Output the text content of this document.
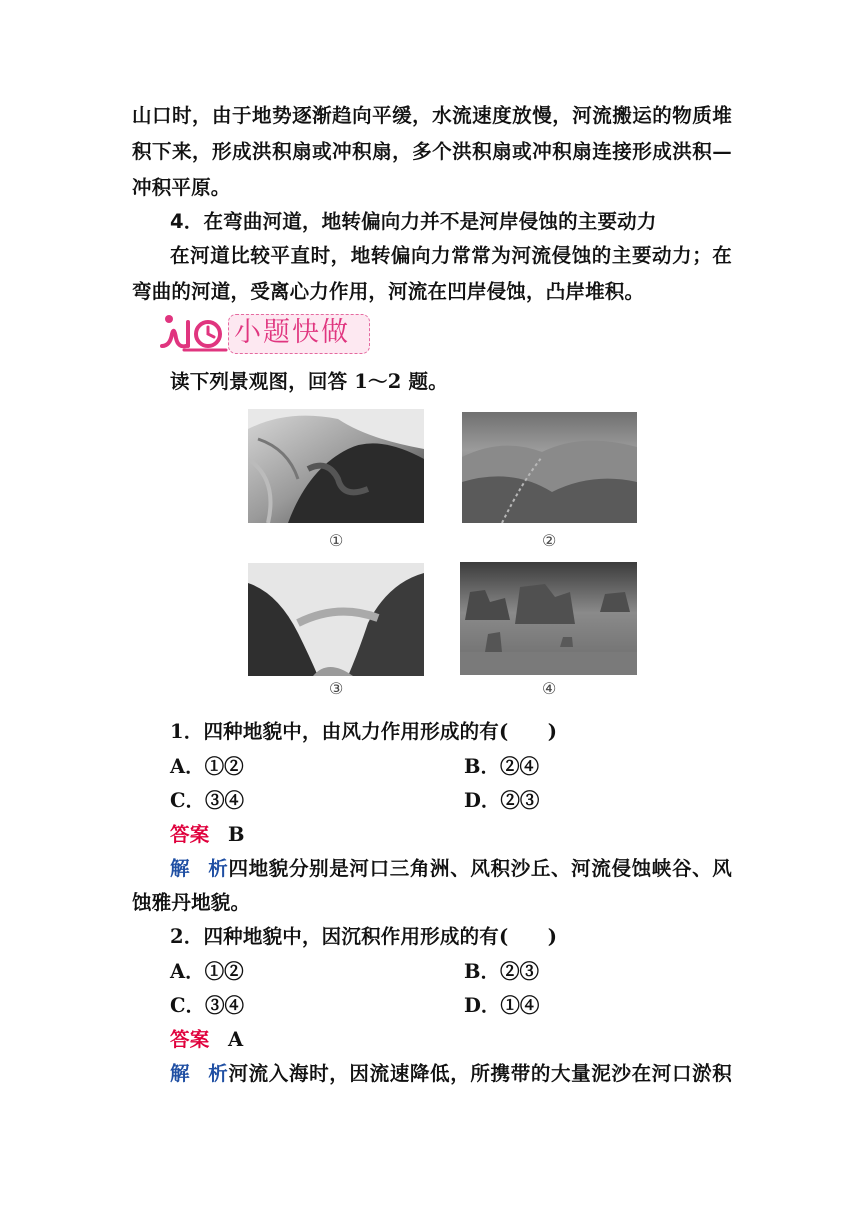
山口时，由于地势逐渐趋向平缓，水流速度放慢，河流搬运的物质堆
积下来，形成洪积扇或冲积扇，多个洪积扇或冲积扇连接形成洪积—
冲积平原。
4．在弯曲河道，地转偏向力并不是河岸侵蚀的主要动力
在河道比较平直时，地转偏向力常常为河流侵蚀的主要动力；在
弯曲的河道，受离心力作用，河流在凹岸侵蚀，凸岸堆积。
小题快做
读下列景观图，回答 1～2 题。
①	②
③	④
1．四种地貌中，由风力作用形成的有(　　)
A．①②	B．②④
C．③④	D．②③
答案 B
解析四地貌分别是河口三角洲、风积沙丘、河流侵蚀峡谷、风
蚀雅丹地貌。
2．四种地貌中，因沉积作用形成的有(　　)
A．①②	B．②③
C．③④	D．①④
答案 A
解析河流入海时，因流速降低，所携带的大量泥沙在河口淤积
